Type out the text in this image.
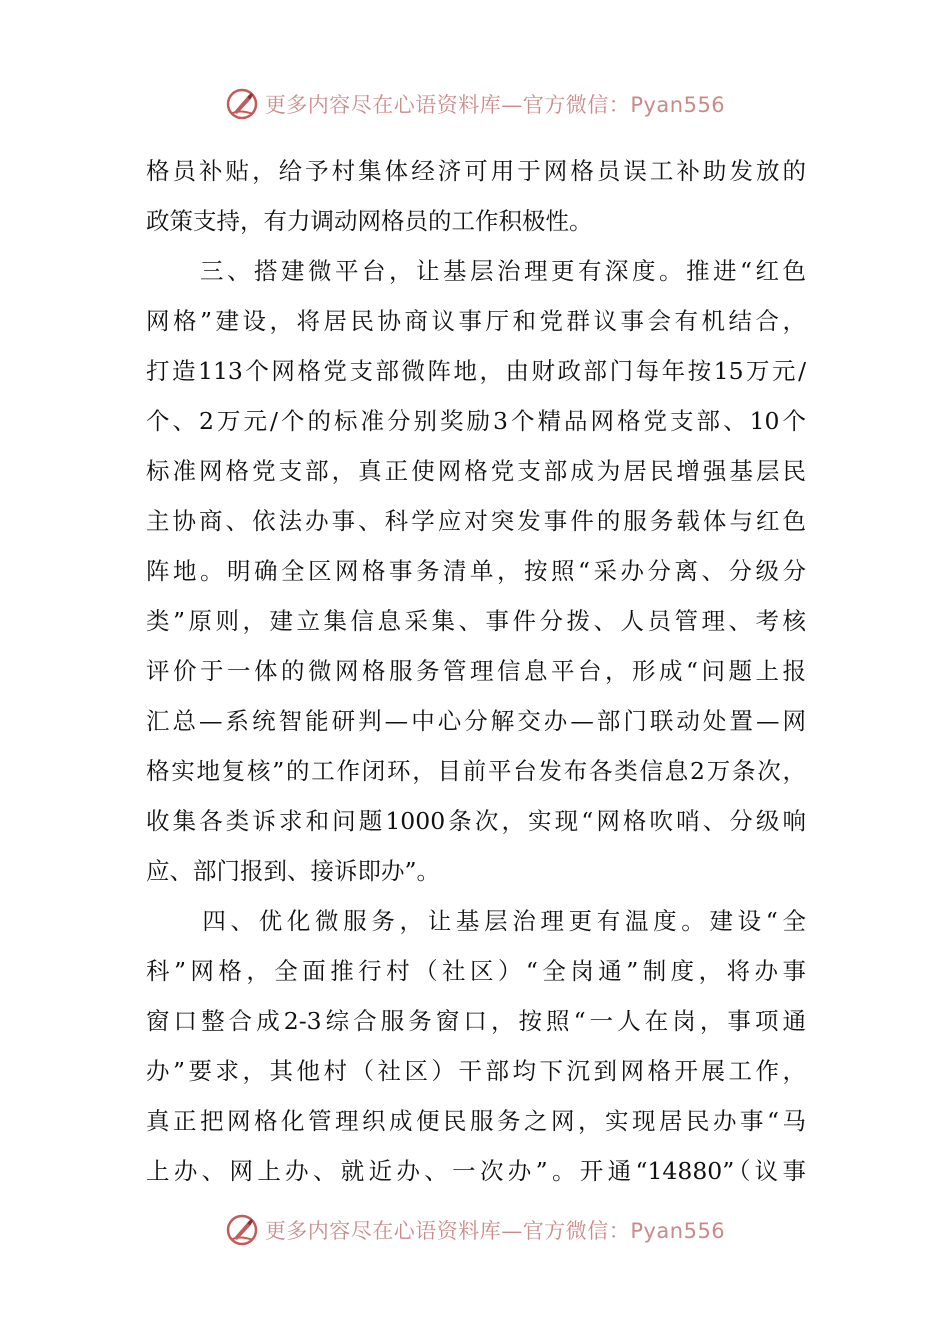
更多内容尽在心语资料库—官方微信：Pyan556
格员补贴，给予村集体经济可用于网格员误工补助发放的
政策支持，有力调动网格员的工作积极性。
　　三、搭建微平台，让基层治理更有深度。推进“红色
网格”建设，将居民协商议事厅和党群议事会有机结合，
打造113个网格党支部微阵地，由财政部门每年按15万元/
个、2万元/个的标准分别奖励3个精品网格党支部、10个
标准网格党支部，真正使网格党支部成为居民增强基层民
主协商、依法办事、科学应对突发事件的服务载体与红色
阵地。明确全区网格事务清单，按照“采办分离、分级分
类”原则，建立集信息采集、事件分拨、人员管理、考核
评价于一体的微网格服务管理信息平台，形成“问题上报
汇总—系统智能研判—中心分解交办—部门联动处置—网
格实地复核”的工作闭环，目前平台发布各类信息2万条次，
收集各类诉求和问题1000条次，实现“网格吹哨、分级响
应、部门报到、接诉即办”。
　　四、优化微服务，让基层治理更有温度。建设“全
科”网格，全面推行村（社区）“全岗通”制度，将办事
窗口整合成2-3综合服务窗口，按照“一人在岗，事项通
办”要求，其他村（社区）干部均下沉到网格开展工作，
真正把网格化管理织成便民服务之网，实现居民办事“马
上办、网上办、就近办、一次办”。开通“14880”（议事
更多内容尽在心语资料库—官方微信：Pyan556
